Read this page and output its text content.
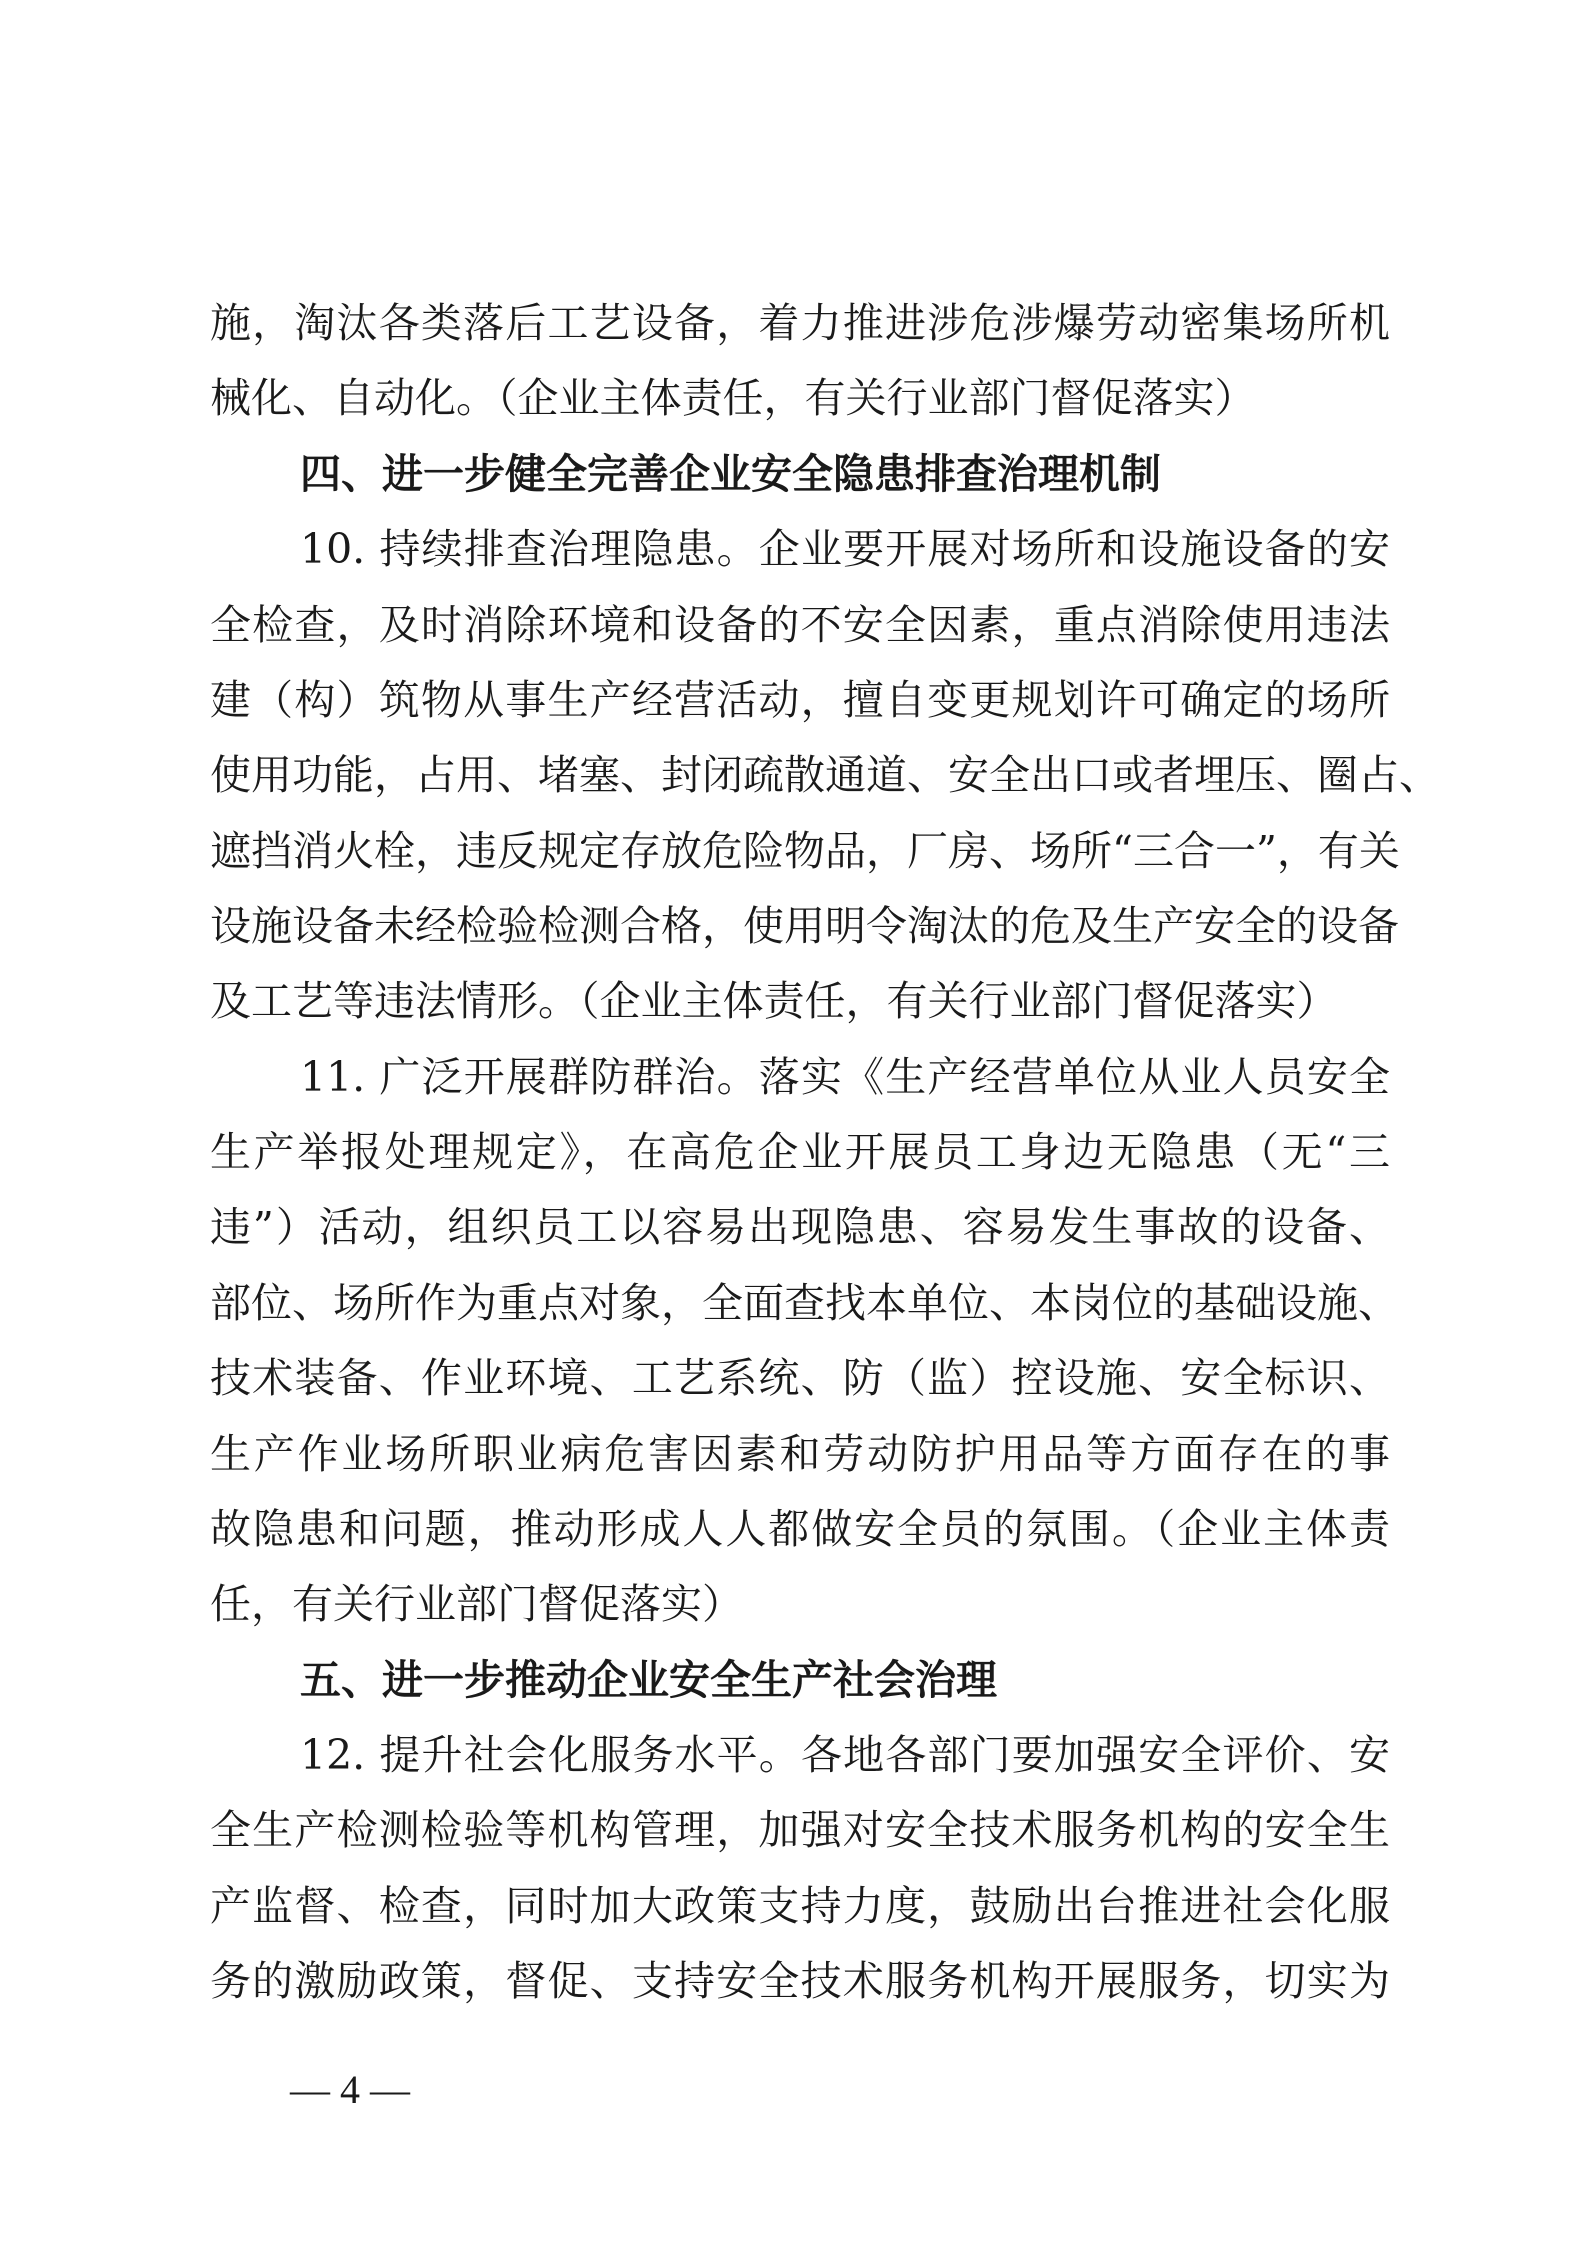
施，淘汰各类落后工艺设备，着力推进涉危涉爆劳动密集场所机
械化、自动化。（企业主体责任，有关行业部门督促落实）
四、进一步健全完善企业安全隐患排查治理机制
10. 持续排查治理隐患。企业要开展对场所和设施设备的安
全检查，及时消除环境和设备的不安全因素，重点消除使用违法
建（构）筑物从事生产经营活动，擅自变更规划许可确定的场所
使用功能，占用、堵塞、封闭疏散通道、安全出口或者埋压、圈占、
遮挡消火栓，违反规定存放危险物品，厂房、场所“三合一”，有关
设施设备未经检验检测合格，使用明令淘汰的危及生产安全的设备
及工艺等违法情形。（企业主体责任，有关行业部门督促落实）
11. 广泛开展群防群治。落实《生产经营单位从业人员安全
生产举报处理规定》，在高危企业开展员工身边无隐患（无“三
违”）活动，组织员工以容易出现隐患、容易发生事故的设备、
部位、场所作为重点对象，全面查找本单位、本岗位的基础设施、
技术装备、作业环境、工艺系统、防（监）控设施、安全标识、
生产作业场所职业病危害因素和劳动防护用品等方面存在的事
故隐患和问题，推动形成人人都做安全员的氛围。（企业主体责
任，有关行业部门督促落实）
五、进一步推动企业安全生产社会治理
12. 提升社会化服务水平。各地各部门要加强安全评价、安
全生产检测检验等机构管理，加强对安全技术服务机构的安全生
产监督、检查，同时加大政策支持力度，鼓励出台推进社会化服
务的激励政策，督促、支持安全技术服务机构开展服务，切实为
— 4 —
